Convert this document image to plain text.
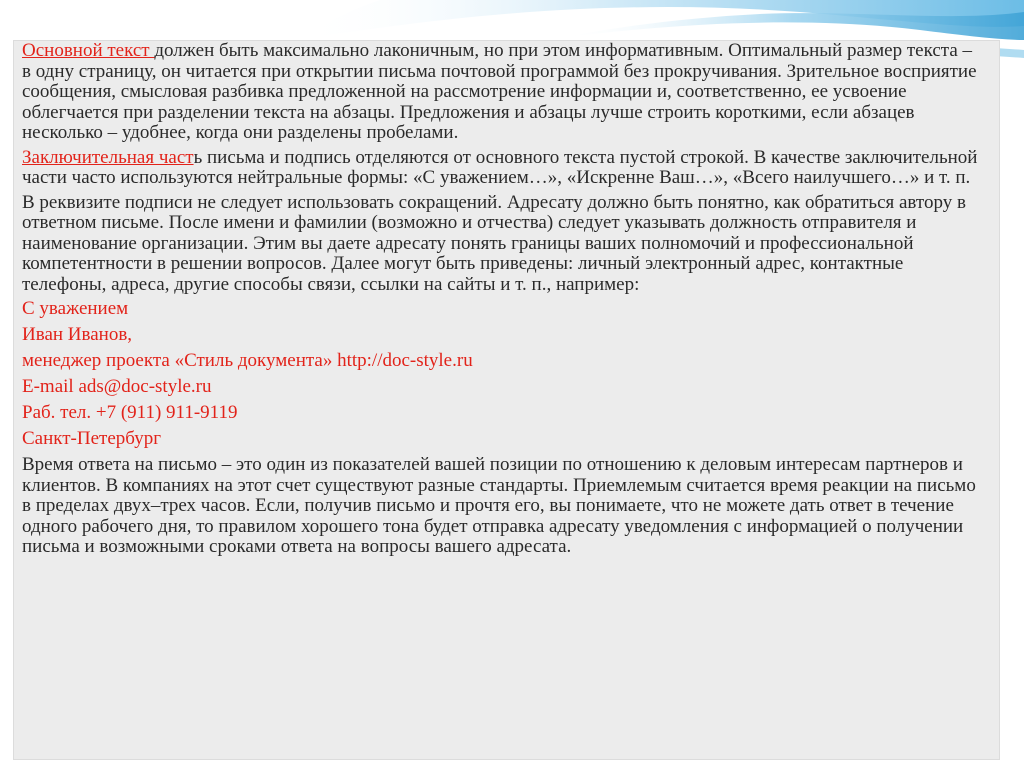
Основной текст должен быть максимально лаконичным, но при этом информативным. Оптимальный размер текста – в одну страницу, он читается при открытии письма почтовой программой без прокручивания. Зрительное восприятие сообщения, смысловая разбивка предложенной на рассмотрение информации и, соответственно, ее усвоение облегчается при разделении текста на абзацы. Предложения и абзацы лучше строить короткими, если абзацев несколько – удобнее, когда они разделены пробелами.

Заключительная часть письма и подпись отделяются от основного текста пустой строкой. В качестве заключительной части часто используются нейтральные формы: «С уважением…», «Искренне Ваш…», «Всего наилучшего…» и т. п.

В реквизите подписи не следует использовать сокращений. Адресату должно быть понятно, как обратиться автору в ответном письме. После имени и фамилии (возможно и отчества) следует указывать должность отправителя и наименование организации. Этим вы даете адресату понять границы ваших полномочий и профессиональной компетентности в решении вопросов. Далее могут быть приведены: личный электронный адрес, контактные телефоны, адреса, другие способы связи, ссылки на сайты и т. п., например:

С уважением

Иван Иванов,

менеджер проекта «Стиль документа» http://doc-style.ru

E-mail ads@doc-style.ru

Раб. тел. +7 (911) 911-9119

Санкт-Петербург

Время ответа на письмо – это один из показателей вашей позиции по отношению к деловым интересам партнеров и клиентов. В компаниях на этот счет существуют разные стандарты. Приемлемым считается время реакции на письмо в пределах двух–трех часов. Если, получив письмо и прочтя его, вы понимаете, что не можете дать ответ в течение одного рабочего дня, то правилом хорошего тона будет отправка адресату уведомления с информацией о получении письма и возможными сроками ответа на вопросы вашего адресата.
